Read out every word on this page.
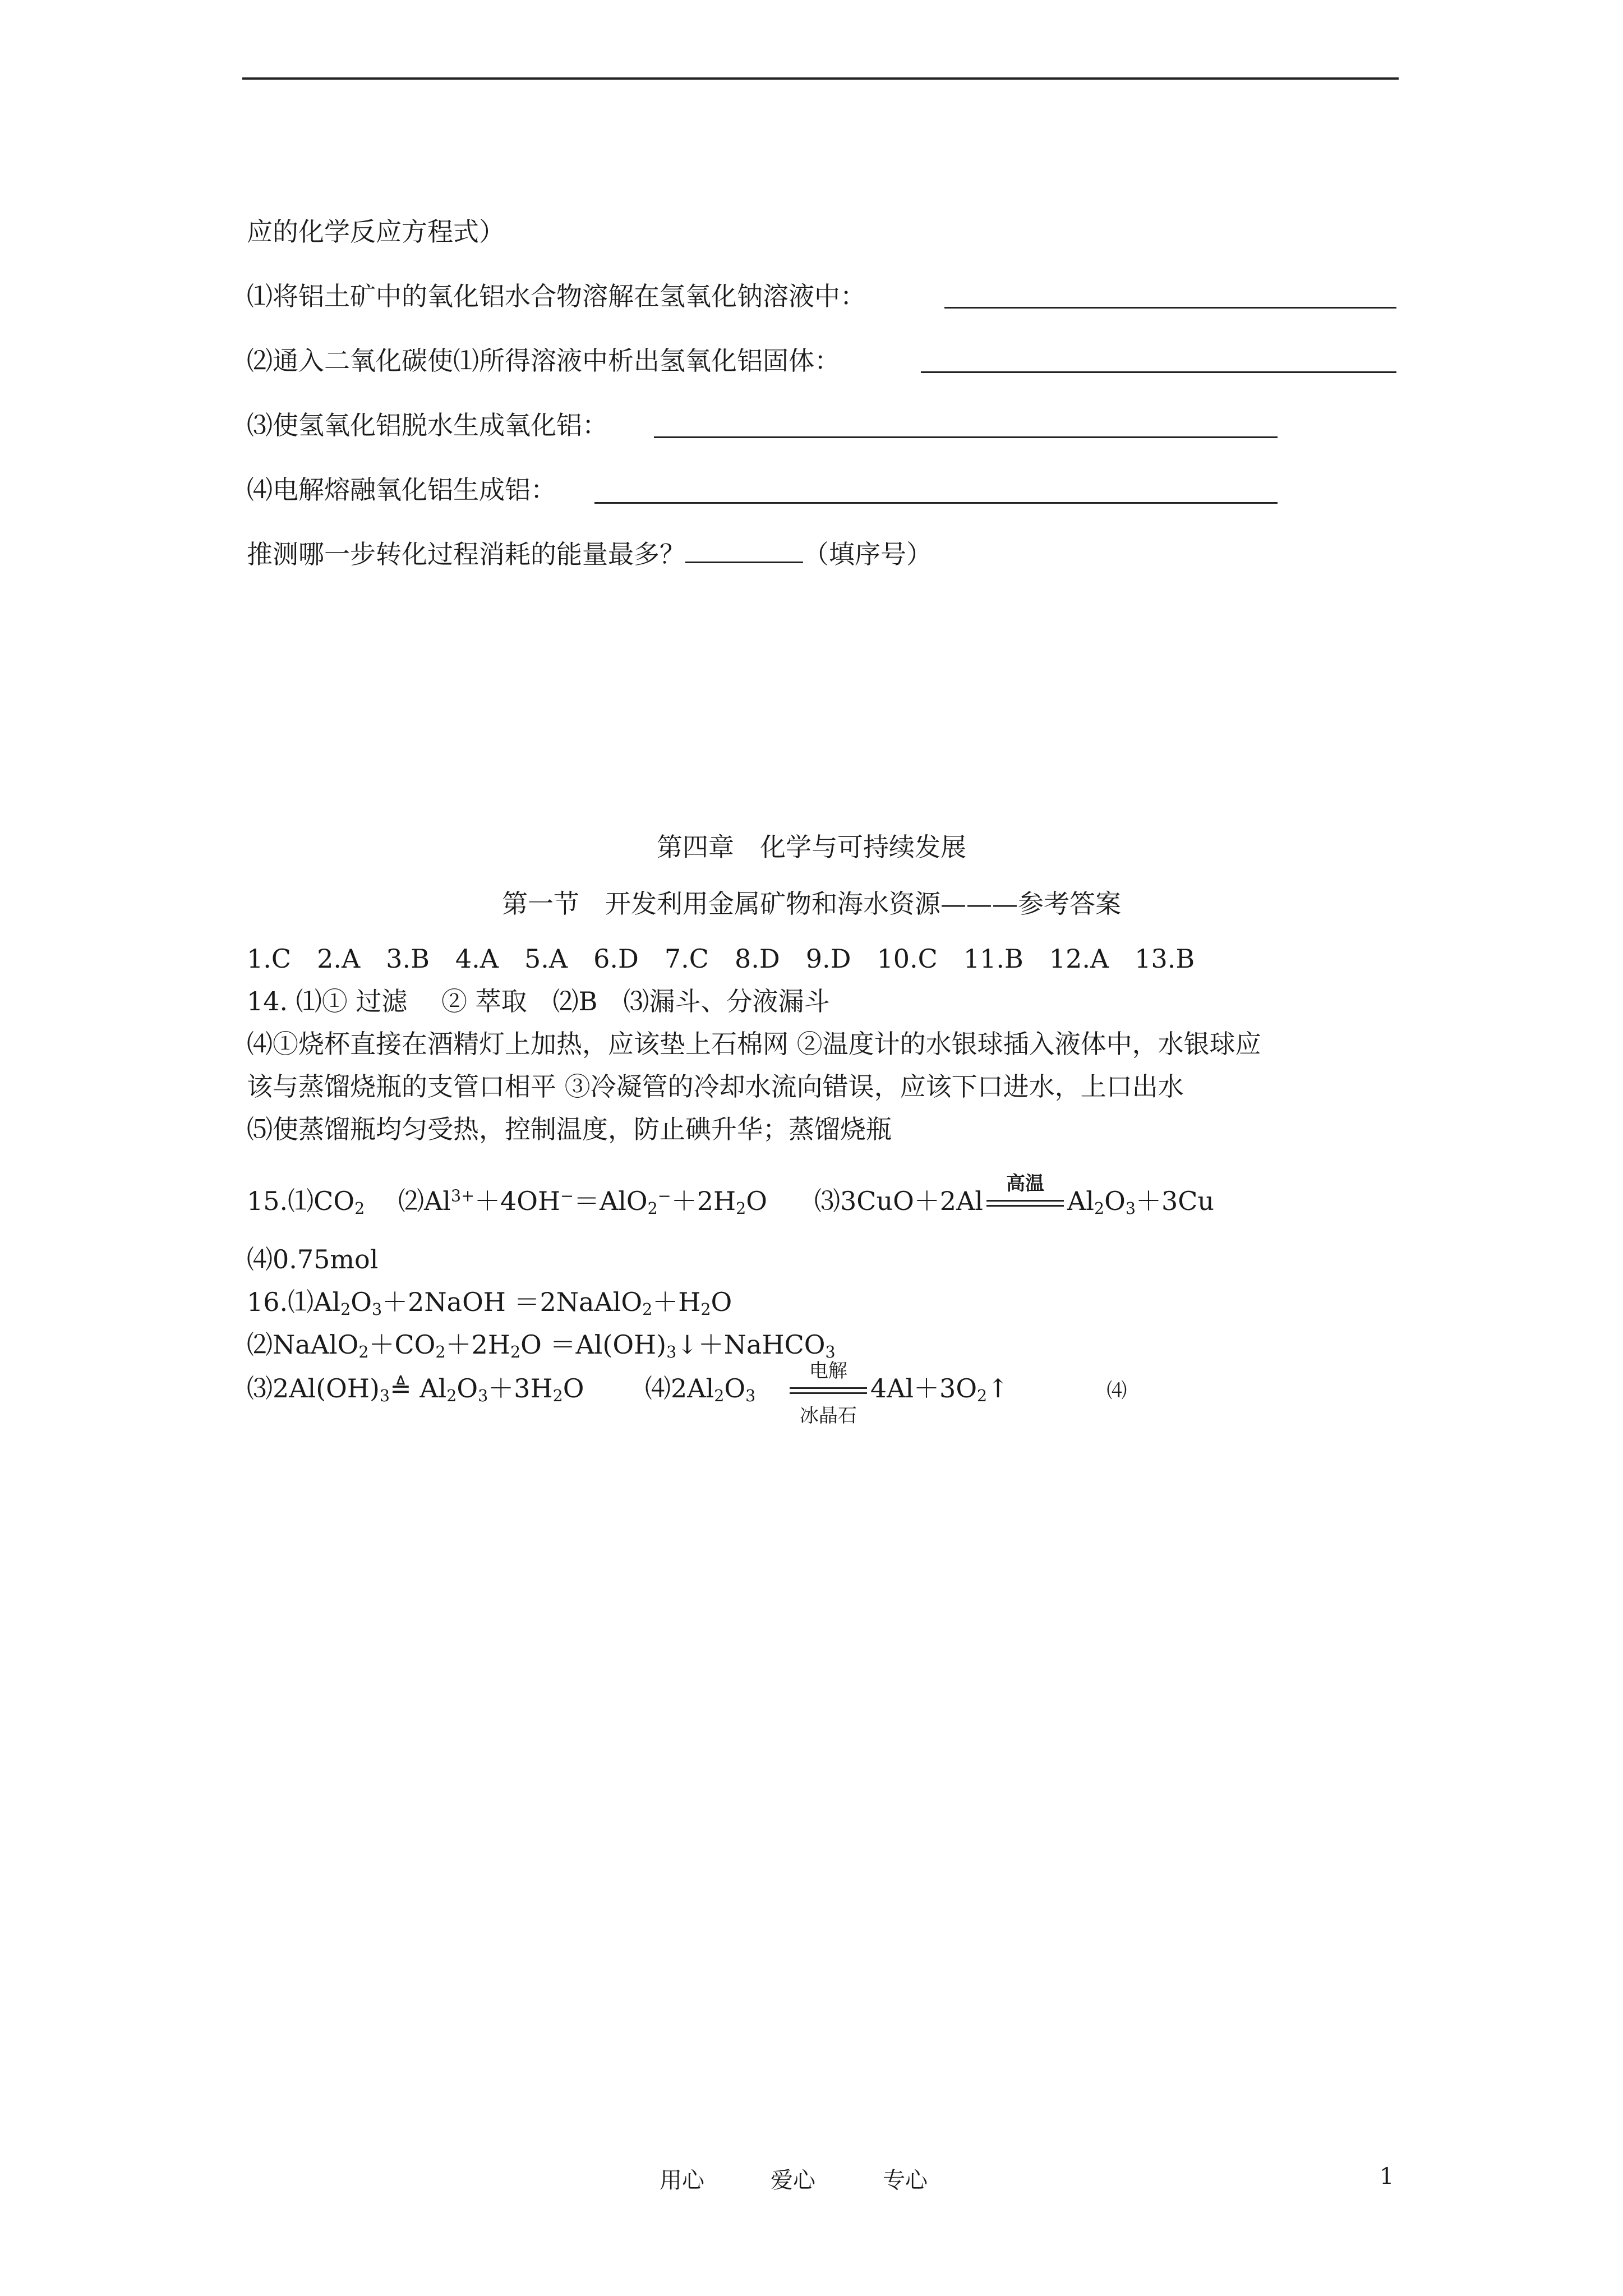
应的化学反应方程式）
⑴将铝土矿中的氧化铝水合物溶解在氢氧化钠溶液中：
⑵通入二氧化碳使⑴所得溶液中析出氢氧化铝固体：
⑶使氢氧化铝脱水生成氧化铝：
⑷电解熔融氧化铝生成铝：
推测哪一步转化过程消耗的能量最多？	（填序号）
第四章　化学与可持续发展
第一节　开发利用金属矿物和海水资源———参考答案
1.C　2.A　3.B　4.A　5.A　6.D　7.C　8.D　9.D　10.C　11.B　12.A　13.B
14. ⑴① 过滤　 ② 萃取　⑵B　⑶漏斗、分液漏斗
⑷①烧杯直接在酒精灯上加热，应该垫上石棉网 ②温度计的水银球插入液体中，水银球应
该与蒸馏烧瓶的支管口相平 ③冷凝管的冷却水流向错误，应该下口进水，上口出水
⑸使蒸馏瓶均匀受热，控制温度，防止碘升华；蒸馏烧瓶
$15.⑴CO_2$ $⑵Al^{3+}+4OH^-=AlO_2^-+2H_2O$ ⑶3CuO＋2Al
高温
$Al_2O_3+3Cu$
⑷0.75mol
$16.⑴Al_2O_3+2NaOH$ $=2NaAlO_2+H_2O$
$⑵NaAlO_2+CO_2+2H_2O$ $=Al(OH)_3↓+NaHCO_3$
$⑶2Al(OH)_3≜$ $Al_2O_3+3H_2O$ $⑷2Al_2O_3$
电解
冰晶石
$4Al+3O_2↑$	⑷
用心	爱心	专心	1
